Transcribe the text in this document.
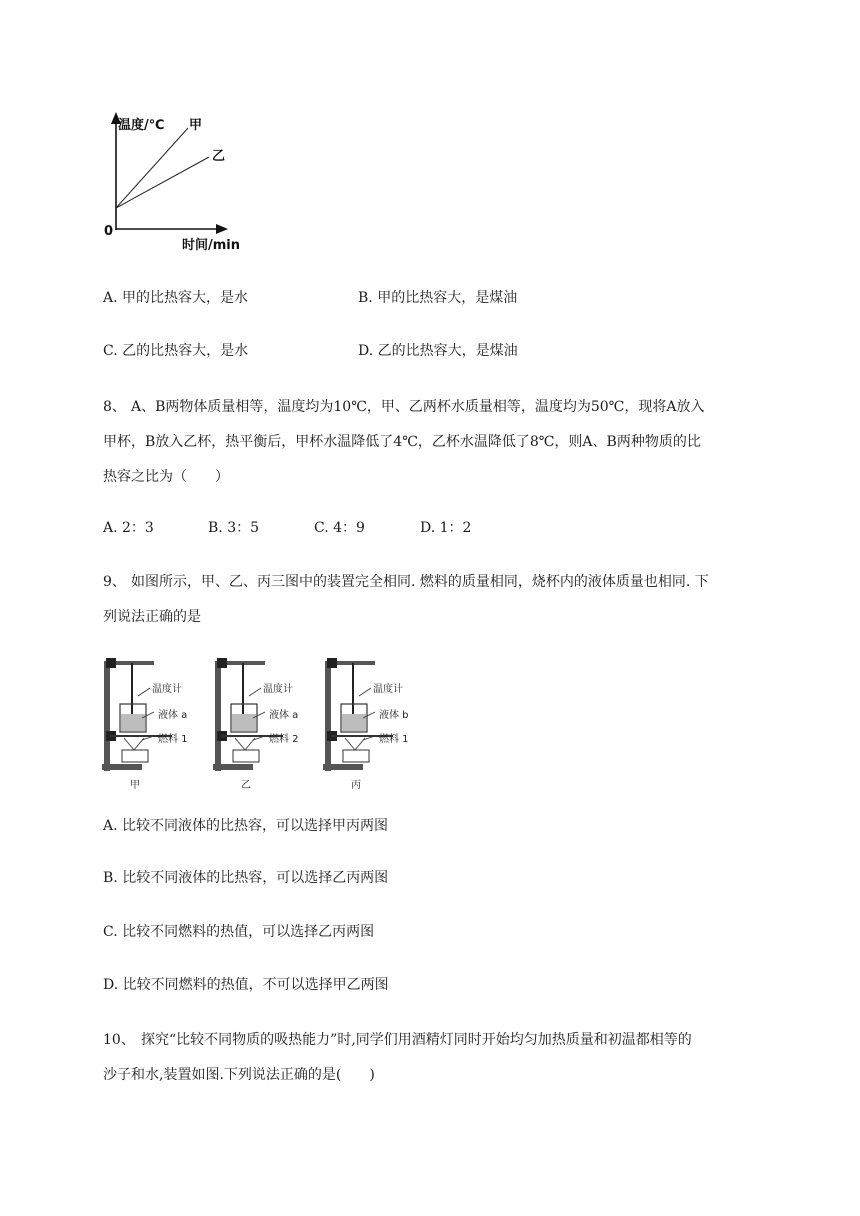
温度/℃ 甲
乙
0
时间/min
A. 甲的比热容大，是水	B. 甲的比热容大，是煤油
C. 乙的比热容大，是水	D. 乙的比热容大，是煤油
8、 A、B两物体质量相等，温度均为10℃，甲、乙两杯水质量相等，温度均为50℃，现将A放入
甲杯，B放入乙杯，热平衡后，甲杯水温降低了4℃，乙杯水温降低了8℃，则A、B两种物质的比
热容之比为（　　）
A. 2：3	B. 3：5	C. 4：9	D. 1：2
9、 如图所示，甲、乙、丙三图中的装置完全相同. 燃料的质量相同，烧杯内的液体质量也相同. 下
列说法正确的是
温度计
液体 a
燃料 1
甲
温度计
液体 a
燃料 2
乙
温度计
液体 b
燃料 1
丙
A. 比较不同液体的比热容，可以选择甲丙两图
B. 比较不同液体的比热容，可以选择乙丙两图
C. 比较不同燃料的热值，可以选择乙丙两图
D. 比较不同燃料的热值，不可以选择甲乙两图
10、 探究“比较不同物质的吸热能力”时,同学们用酒精灯同时开始均匀加热质量和初温都相等的
沙子和水,装置如图.下列说法正确的是(　　)
